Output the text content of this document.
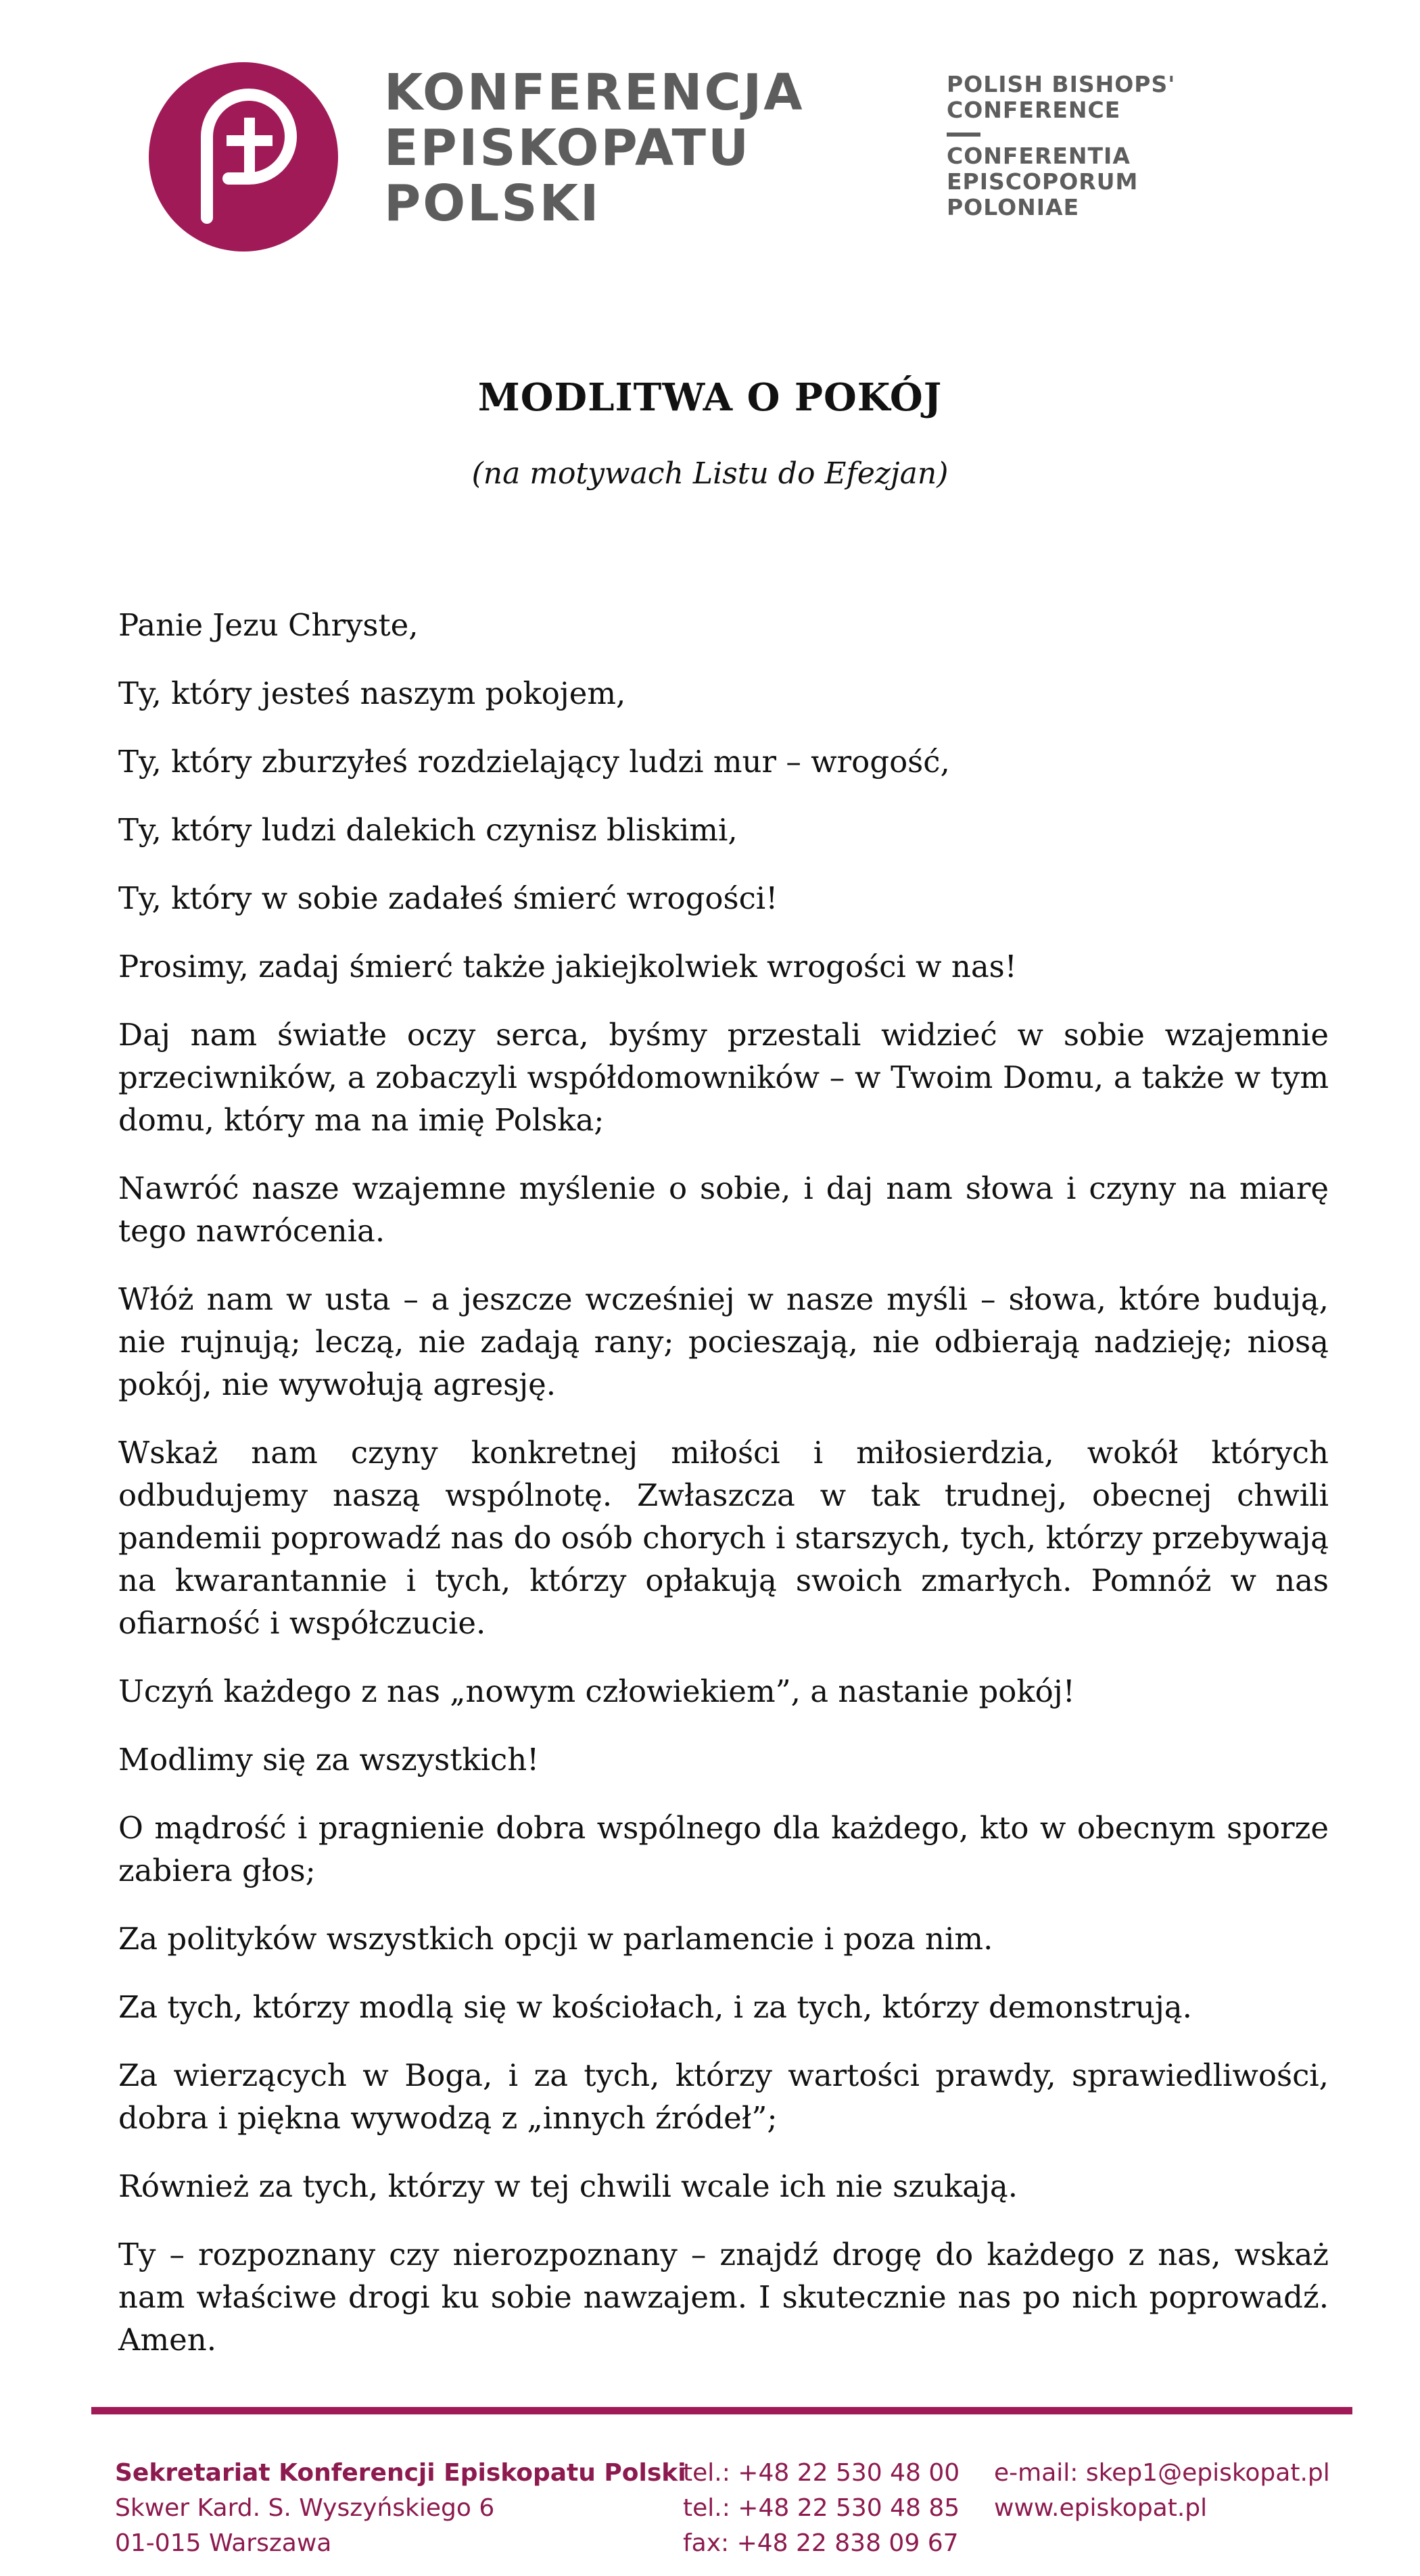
KONFERENCJA
EPISKOPATU
POLSKI
POLISH BISHOPS'
CONFERENCE
CONFERENTIA
EPISCOPORUM
POLONIAE
MODLITWA O POKÓJ
(na motywach Listu do Efezjan)

Panie Jezu Chryste,

Ty, który jesteś naszym pokojem,

Ty, który zburzyłeś rozdzielający ludzi mur – wrogość,

Ty, który ludzi dalekich czynisz bliskimi,

Ty, który w sobie zadałeś śmierć wrogości!

Prosimy, zadaj śmierć także jakiejkolwiek wrogości w nas!

Daj nam światłe oczy serca, byśmy przestali widzieć w sobie wzajemnie przeciwników, a zobaczyli współdomowników – w Twoim Domu, a także w tym domu, który ma na imię Polska;

Nawróć nasze wzajemne myślenie o sobie, i daj nam słowa i czyny na miarę tego nawrócenia.

Włóż nam w usta – a jeszcze wcześniej w nasze myśli – słowa, które budują, nie rujnują; leczą, nie zadają rany; pocieszają, nie odbierają nadzieję; niosą pokój, nie wywołują agresję.

Wskaż nam czyny konkretnej miłości i miłosierdzia, wokół których odbudujemy naszą wspólnotę. Zwłaszcza w tak trudnej, obecnej chwili pandemii poprowadź nas do osób chorych i starszych, tych, którzy przebywają na kwarantannie i tych, którzy opłakują swoich zmarłych. Pomnóż w nas ofiarność i współczucie.

Uczyń każdego z nas „nowym człowiekiem”, a nastanie pokój!

Modlimy się za wszystkich!

O mądrość i pragnienie dobra wspólnego dla każdego, kto w obecnym sporze zabiera głos;

Za polityków wszystkich opcji w parlamencie i poza nim.

Za tych, którzy modlą się w kościołach, i za tych, którzy demonstrują.

Za wierzących w Boga, i za tych, którzy wartości prawdy, sprawiedliwości, dobra i piękna wywodzą z „innych źródeł”;

Również za tych, którzy w tej chwili wcale ich nie szukają.

Ty – rozpoznany czy nierozpoznany – znajdź drogę do każdego z nas, wskaż nam właściwe drogi ku sobie nawzajem. I skutecznie nas po nich poprowadź. Amen.

Sekretariat Konferencji Episkopatu Polski
Skwer Kard. S. Wyszyńskiego 6
01-015 Warszawa
tel.: +48 22 530 48 00
tel.: +48 22 530 48 85
fax: +48 22 838 09 67
e-mail: skep1@episkopat.pl
www.episkopat.pl
